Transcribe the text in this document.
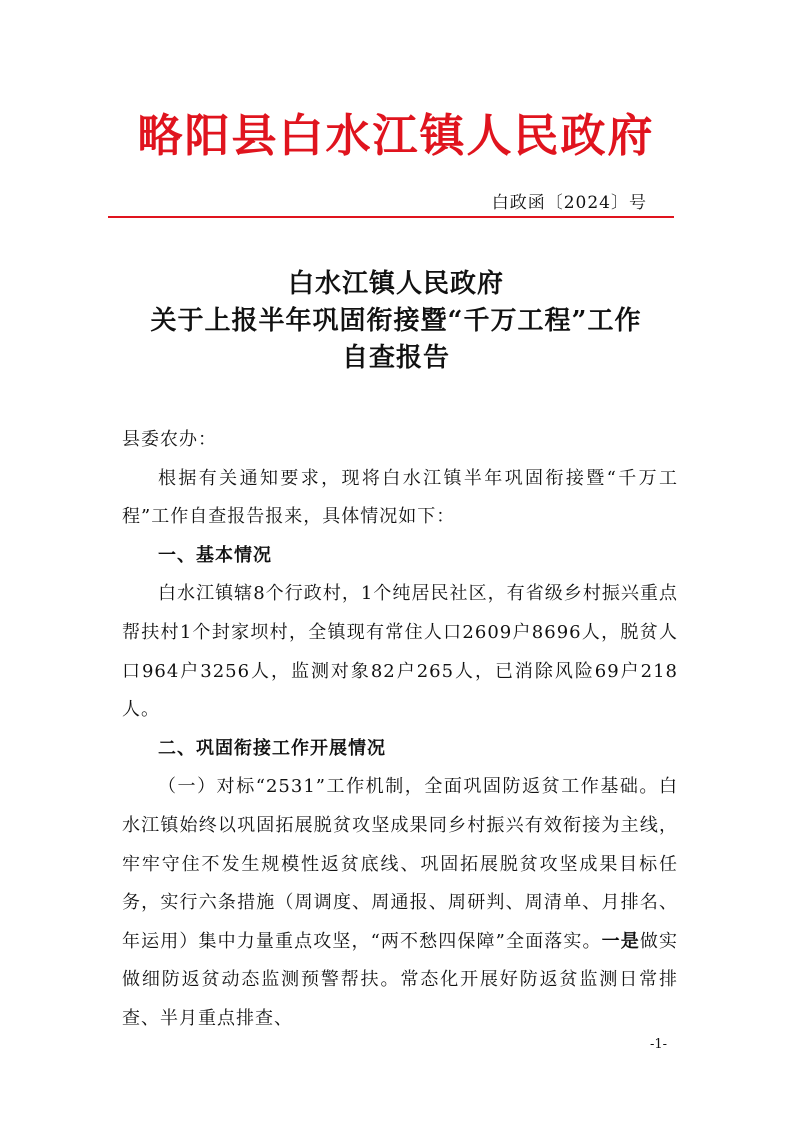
略阳县白水江镇人民政府
白政函〔2024〕号
白水江镇人民政府
关于上报半年巩固衔接暨“千万工程”工作
自查报告

县委农办：

根据有关通知要求，现将白水江镇半年巩固衔接暨“千万工程”工作自查报告报来，具体情况如下：

一、基本情况

白水江镇辖8个行政村，1个纯居民社区，有省级乡村振兴重点帮扶村1个封家坝村，全镇现有常住人口2609户8696人，脱贫人口964户3256人，监测对象82户265人，已消除风险69户218人。

二、巩固衔接工作开展情况

（一）对标“2531”工作机制，全面巩固防返贫工作基础。白水江镇始终以巩固拓展脱贫攻坚成果同乡村振兴有效衔接为主线，牢牢守住不发生规模性返贫底线、巩固拓展脱贫攻坚成果目标任务，实行六条措施（周调度、周通报、周研判、周清单、月排名、年运用）集中力量重点攻坚，“两不愁四保障”全面落实。一是做实做细防返贫动态监测预警帮扶。常态化开展好防返贫监测日常排查、半月重点排查、

-1-
